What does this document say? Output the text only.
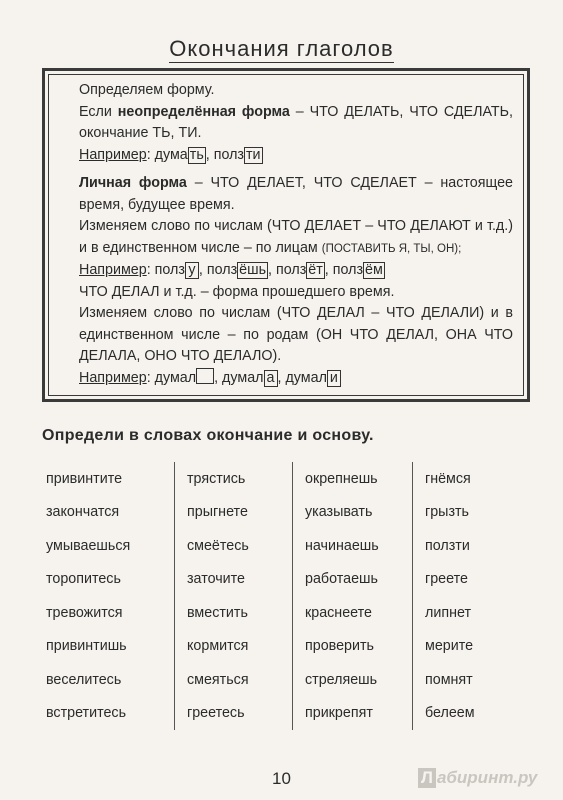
Окончания глаголов

Определяем форму.

Если неопределённая форма – ЧТО ДЕЛАТЬ, ЧТО СДЕЛАТЬ, окончание ТЬ, ТИ.

Например: дума ть , полз ти

Личная форма – ЧТО ДЕЛАЕТ, ЧТО СДЕЛАЕТ – настоящее время, будущее время.

Изменяем слово по числам (ЧТО ДЕЛАЕТ – ЧТО ДЕЛАЮТ и т.д.) и в единственном числе – по лицам (ПОСТАВИТЬ Я, ТЫ, ОН);

Например: полз у , полз ёшь , полз ёт , полз ём

ЧТО ДЕЛАЛ и т.д. – форма прошедшего время.

Изменяем слово по числам (ЧТО ДЕЛАЛ – ЧТО ДЕЛАЛИ) и в единственном числе – по родам (ОН ЧТО ДЕЛАЛ, ОНА ЧТО ДЕЛАЛА, ОНО ЧТО ДЕЛАЛО).

Например: думал , думал а , думал и

Определи в словах окончание и основу.
привинтите	трястись	окрепнешь	гнёмся
закончатся	прыгнете	указывать	грызть
умываешься	смеётесь	начинаешь	ползти
торопитесь	заточите	работаешь	греете
тревожится	вместить	краснеете	липнет
привинтишь	кормится	проверить	мерите
веселитесь	смеяться	стреляешь	помнят
встретитесь	греетесь	прикрепят	белеем
10	Л абиринт.ру
